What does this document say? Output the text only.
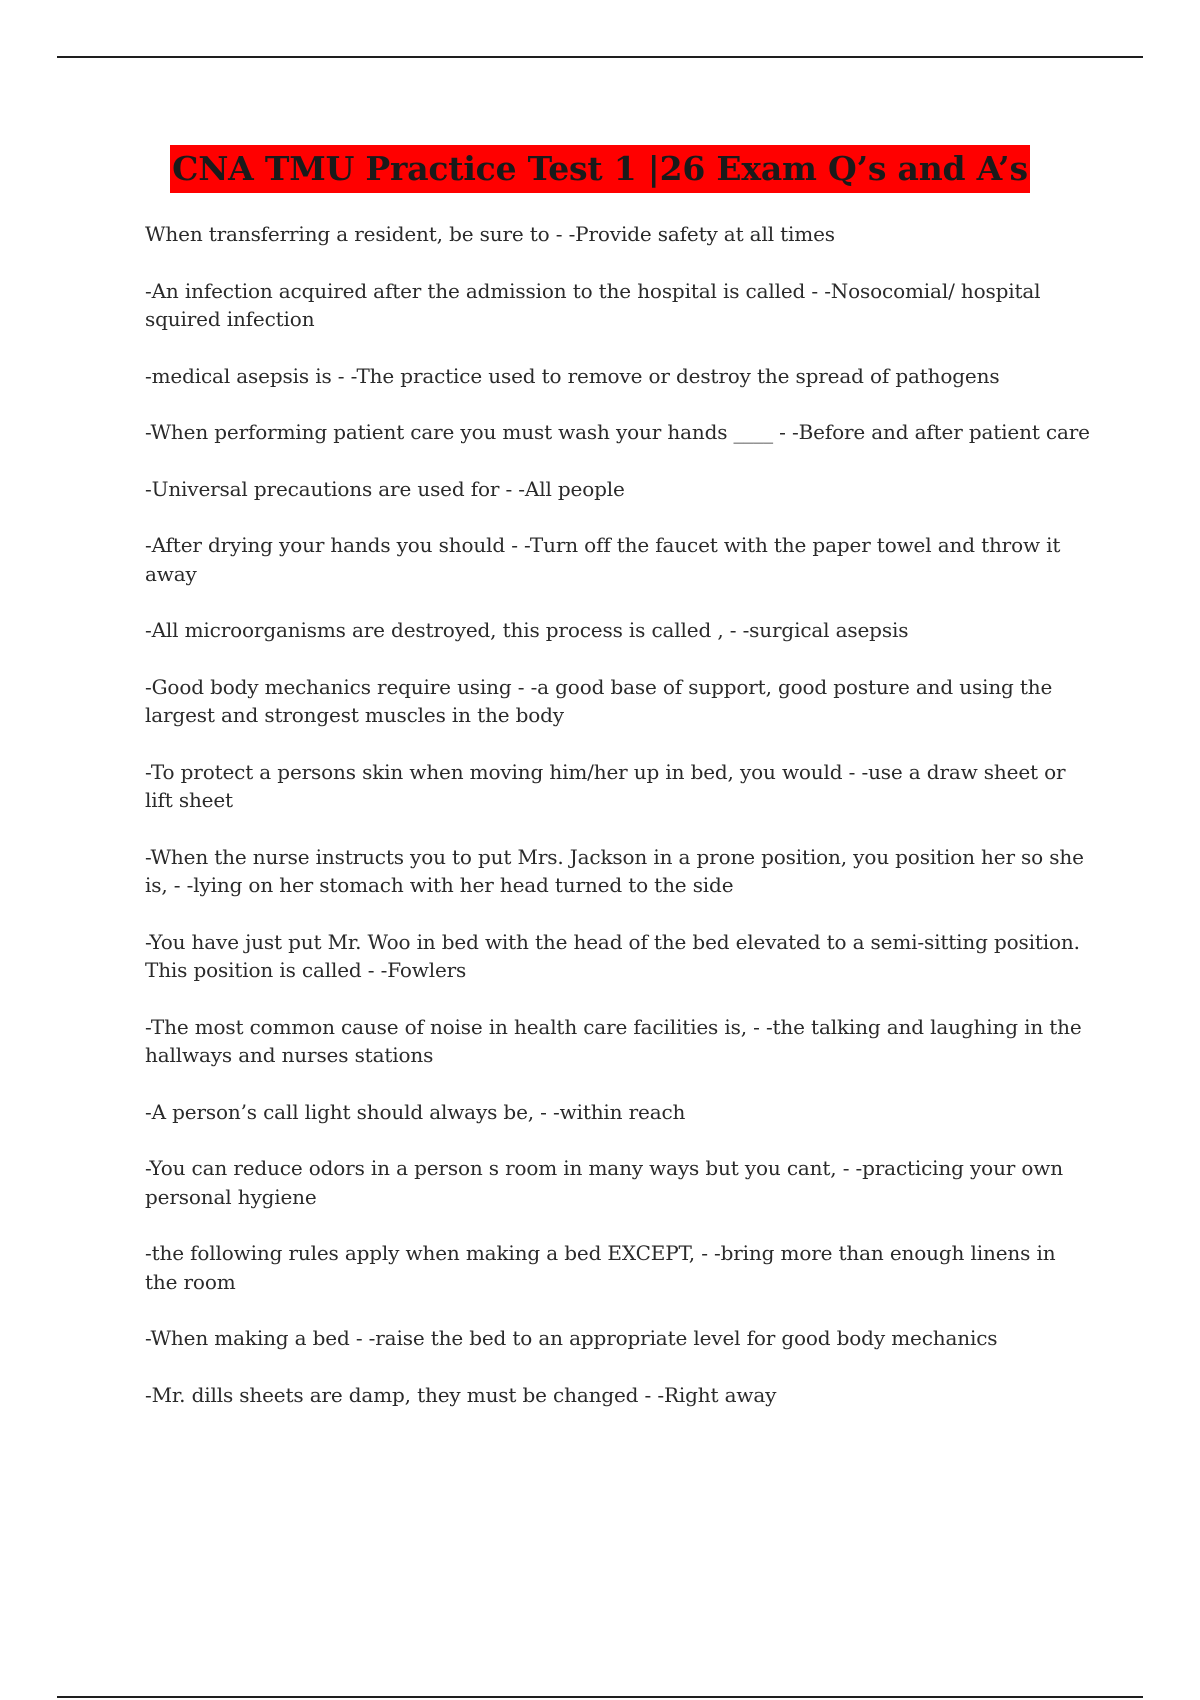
CNA TMU Practice Test 1 |26 Exam Q’s and A’s

When transferring a resident, be sure to - -Provide safety at all times

-An infection acquired after the admission to the hospital is called - -Nosocomial/ hospital squired infection

-medical asepsis is - -The practice used to remove or destroy the spread of pathogens

-When performing patient care you must wash your hands ____ - -Before and after patient care

-Universal precautions are used for - -All people

-After drying your hands you should - -Turn off the faucet with the paper towel and throw it away

-All microorganisms are destroyed, this process is called , - -surgical asepsis

-Good body mechanics require using - -a good base of support, good posture and using the largest and strongest muscles in the body

-To protect a persons skin when moving him/her up in bed, you would - -use a draw sheet or lift sheet

-When the nurse instructs you to put Mrs. Jackson in a prone position, you position her so she is, - -lying on her stomach with her head turned to the side

-You have just put Mr. Woo in bed with the head of the bed elevated to a semi-sitting position. This position is called - -Fowlers

-The most common cause of noise in health care facilities is, - -the talking and laughing in the hallways and nurses stations

-A person’s call light should always be, - -within reach

-You can reduce odors in a person s room in many ways but you cant, - -practicing your own personal hygiene

-the following rules apply when making a bed EXCEPT, - -bring more than enough linens in the room

-When making a bed - -raise the bed to an appropriate level for good body mechanics

-Mr. dills sheets are damp, they must be changed - -Right away
